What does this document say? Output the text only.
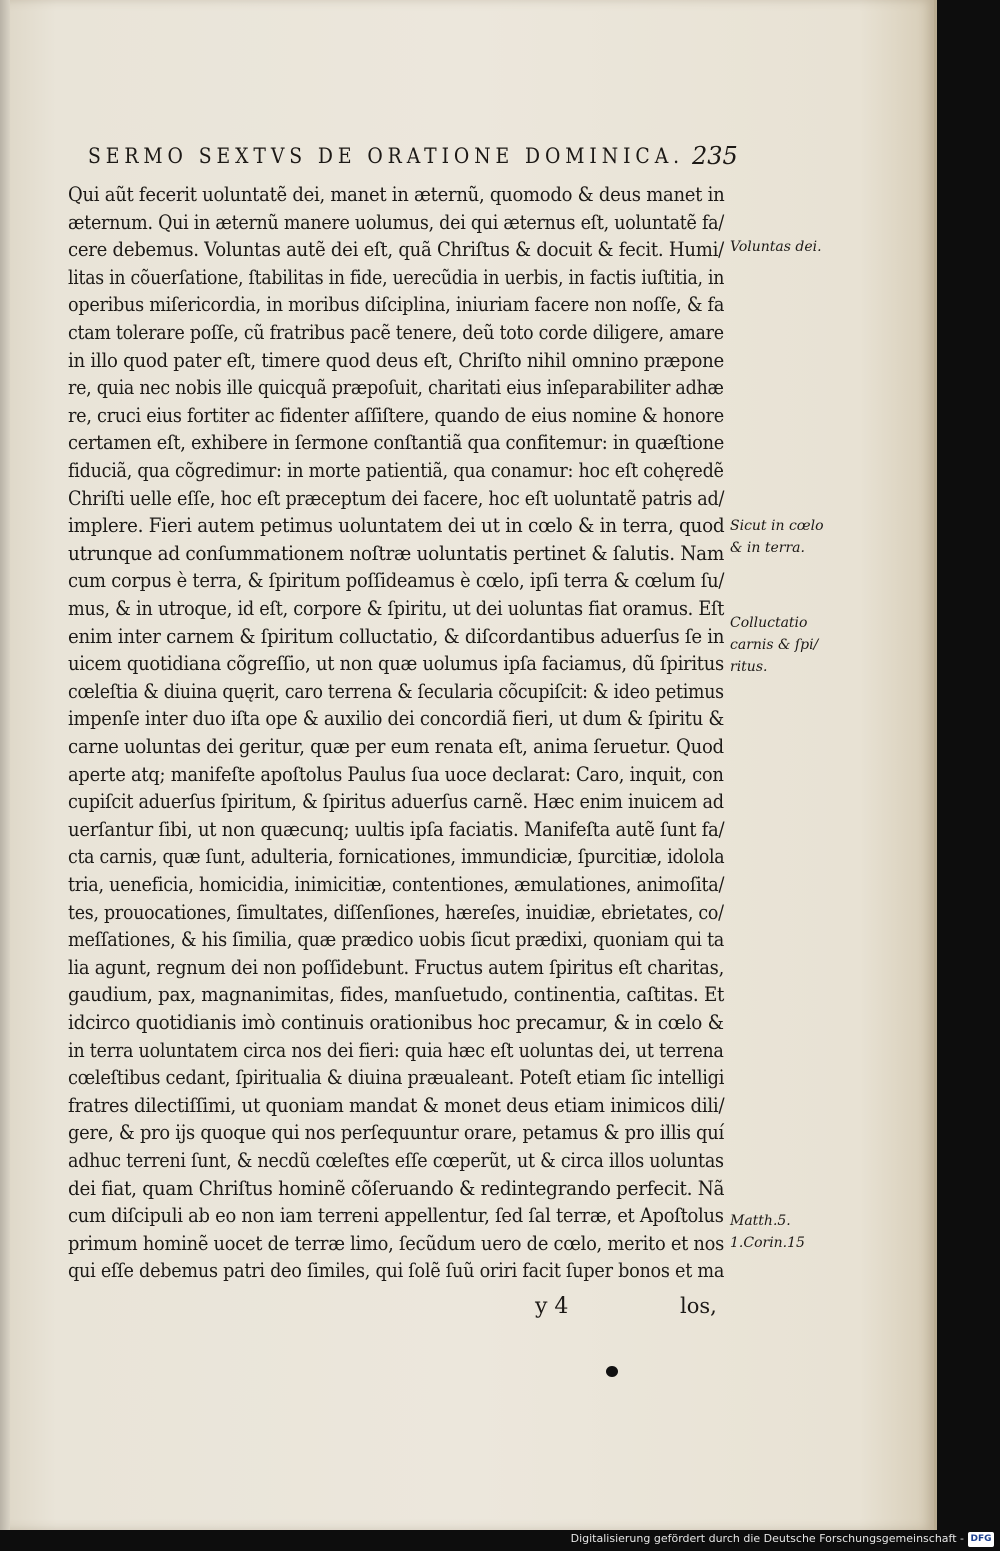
SERMO SEXTVS DE ORATIONE DOMINICA. 235
Qui aũt fecerit uoluntatẽ dei, manet in æternũ, quomodo & deus manet in
æternum. Qui in æternũ manere uolumus, dei qui æternus eſt, uoluntatẽ fa/
cere debemus. Voluntas autẽ dei eſt, quã Chriſtus & docuit & fecit. Humi/
litas in cõuerſatione, ſtabilitas in fide, uerecũdia in uerbis, in factis iuſtitia, in
operibus miſericordia, in moribus diſciplina, iniuriam facere non noſſe, & fa
ctam tolerare poſſe, cũ fratribus pacẽ tenere, deũ toto corde diligere, amare
in illo quod pater eſt, timere quod deus eſt, Chriſto nihil omnino præpone
re, quia nec nobis ille quicquã præpoſuit, charitati eius inſeparabiliter adhæ
re, cruci eius fortiter ac fidenter aſſiſtere, quando de eius nomine & honore
certamen eſt, exhibere in ſermone conſtantiã qua confitemur: in quæſtione
fiduciã, qua cõgredimur: in morte patientiã, qua conamur: hoc eſt cohęredẽ
Chriſti uelle eſſe, hoc eſt præceptum dei facere, hoc eſt uoluntatẽ patris ad/
implere. Fieri autem petimus uoluntatem dei ut in cœlo & in terra, quod
utrunque ad conſummationem noſtræ uoluntatis pertinet & ſalutis. Nam
cum corpus è terra, & ſpiritum poſſideamus è cœlo, ipſi terra & cœlum ſu/
mus, & in utroque, id eſt, corpore & ſpiritu, ut dei uoluntas fiat oramus. Eſt
enim inter carnem & ſpiritum colluctatio, & diſcordantibus aduerſus ſe in
uicem quotidiana cõgreſſio, ut non quæ uolumus ipſa faciamus, dũ ſpiritus
cœleſtia & diuina quęrit, caro terrena & ſecularia cõcupiſcit: & ideo petimus
impenſe inter duo iſta ope & auxilio dei concordiã fieri, ut dum & ſpiritu &
carne uoluntas dei geritur, quæ per eum renata eſt, anima ſeruetur. Quod
aperte atq; manifeſte apoſtolus Paulus ſua uoce declarat: Caro, inquit, con
cupiſcit aduerſus ſpiritum, & ſpiritus aduerſus carnẽ. Hæc enim inuicem ad
uerſantur ſibi, ut non quæcunq; uultis ipſa faciatis. Manifeſta autẽ ſunt fa/
cta carnis, quæ ſunt, adulteria, fornicationes, immundiciæ, ſpurcitiæ, idolola
tria, ueneficia, homicidia, inimicitiæ, contentiones, æmulationes, animoſita/
tes, prouocationes, ſimultates, diſſenſiones, hæreſes, inuidiæ, ebrietates, co/
meſſationes, & his ſimilia, quæ prædico uobis ſicut prædixi, quoniam qui ta
lia agunt, regnum dei non poſſidebunt. Fructus autem ſpiritus eſt charitas,
gaudium, pax, magnanimitas, fides, manſuetudo, continentia, caſtitas. Et
idcirco quotidianis imò continuis orationibus hoc precamur, & in cœlo &
in terra uoluntatem circa nos dei fieri: quia hæc eſt uoluntas dei, ut terrena
cœleſtibus cedant, ſpiritualia & diuina præualeant. Poteſt etiam ſic intelligi
fratres dilectiſſimi, ut quoniam mandat & monet deus etiam inimicos dili/
gere, & pro ijs quoque qui nos perſequuntur orare, petamus & pro illis quí
adhuc terreni ſunt, & necdũ cœleſtes eſſe cœperũt, ut & circa illos uoluntas
dei fiat, quam Chriſtus hominẽ cõſeruando & redintegrando perfecit. Nã
cum diſcipuli ab eo non iam terreni appellentur, ſed ſal terræ, et Apoſtolus
primum hominẽ uocet de terræ limo, ſecũdum uero de cœlo, merito et nos
qui eſſe debemus patri deo ſimiles, qui ſolẽ ſuũ oriri facit ſuper bonos et ma
Voluntas dei.
Sicut in cœlo
& in terra.
Colluctatio
carnis & ſpi/
ritus.
Matth.5.
1.Corin.15
y 4	los,
Digitalisierung gefördert durch die Deutsche Forschungsgemeinschaft - DFG
